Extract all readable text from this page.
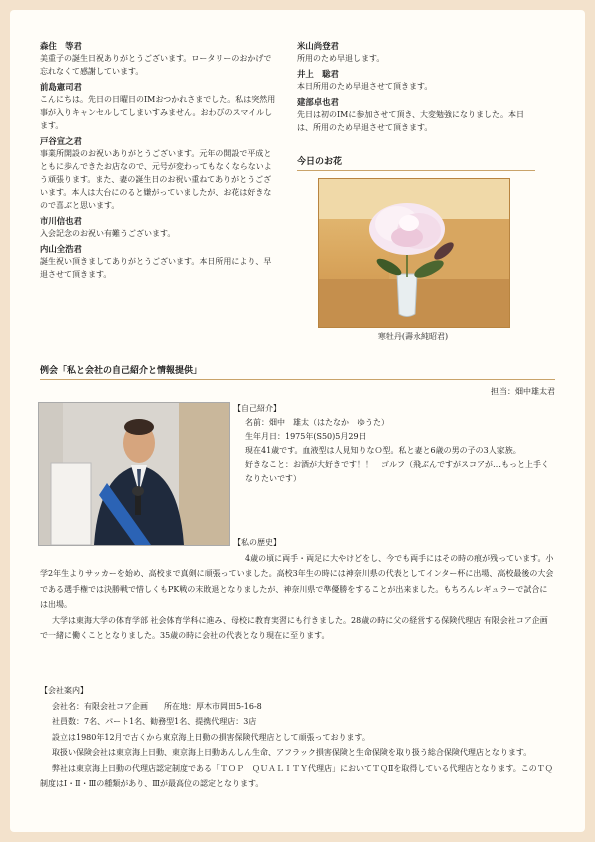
森住　等君

美重子の誕生日祝ありがとうございます。ロータリーのおかげで忘れなくて感謝しています。

前島憲司君

こんにちは。先日の日曜日のIMおつかれさまでした。私は突然用事が入りキャンセルしてしまいすみません。おわびのスマイルします。

戸谷宣之君

事業所開設のお祝いありがとうございます。元年の開設で平成とともに歩んできたお店なので、元号が変わってもなくならないよう頑張ります。また、妻の誕生日のお祝い重ねてありがとうございます。本人は大台にのると嫌がっていましたが、お花は好きなので喜ぶと思います。

市川信也君

入会記念のお祝い有難うございます。

内山全浩君

誕生祝い頂きましてありがとうございます。本日所用により、早退させて頂きます。

米山尚登君

所用のため早退します。

井上　聡君

本日所用のため早退させて頂きます。

建部卓也君

先日は初のIMに参加させて頂き、大変勉強になりました。本日は、所用のため早退させて頂きます。

今日のお花
寒牡丹(壽永純昭君)
例会「私と会社の自己紹介と情報提供」
担当：畑中雄太君

【自己紹介】

名前：畑中　雄太（はたなか　ゆうた）

生年月日：1975年(S50)5月29日

現在41歳です。血液型は人見知りなＯ型。私と妻と6歳の男の子の3人家族。

好きなこと：お酒が大好きです！！　ゴルフ（飛ぶんですがスコアが…もっと上手くなりたいです）

【私の歴史】

4歳の頃に両手・両足に大やけどをし、今でも両手にはその時の痕が残っています。小学2年生よりサッカーを始め、高校まで真剣に頑張っていました。高校3年生の時には神奈川県の代表としてインター杯に出場、高校最後の大会である選手権では決勝戦で惜しくもPK戦の末敗退となりましたが、神奈川県で準優勝をすることが出来ました。もちろんレギュラーで試合には出場。

大学は東海大学の体育学部 社会体育学科に進み、母校に教育実習にも行きました。28歳の時に父の経営する保険代理店 有限会社コア企画で一緒に働くこととなりました。35歳の時に会社の代表となり現在に至ります。

【会社案内】

会社名：有限会社コア企画　　所在地：厚木市岡田5-16-8

社員数：7名、パート1名、勧務型1名、提携代理店：3店

設立は1980年12月で古くから東京海上日動の損害保険代理店として頑張っております。

取扱い保険会社は東京海上日動、東京海上日動あんしん生命、アフラック損害保険と生命保険を取り扱う総合保険代理店となります。

弊社は東京海上日動の代理店認定制度である「ＴＯＰ　ＱＵＡＬＩＴＹ代理店」においてＴＱⅡを取得している代理店となります。このＴＱ制度はⅠ・Ⅱ・Ⅲの種類があり、Ⅲが最高位の認定となります。
